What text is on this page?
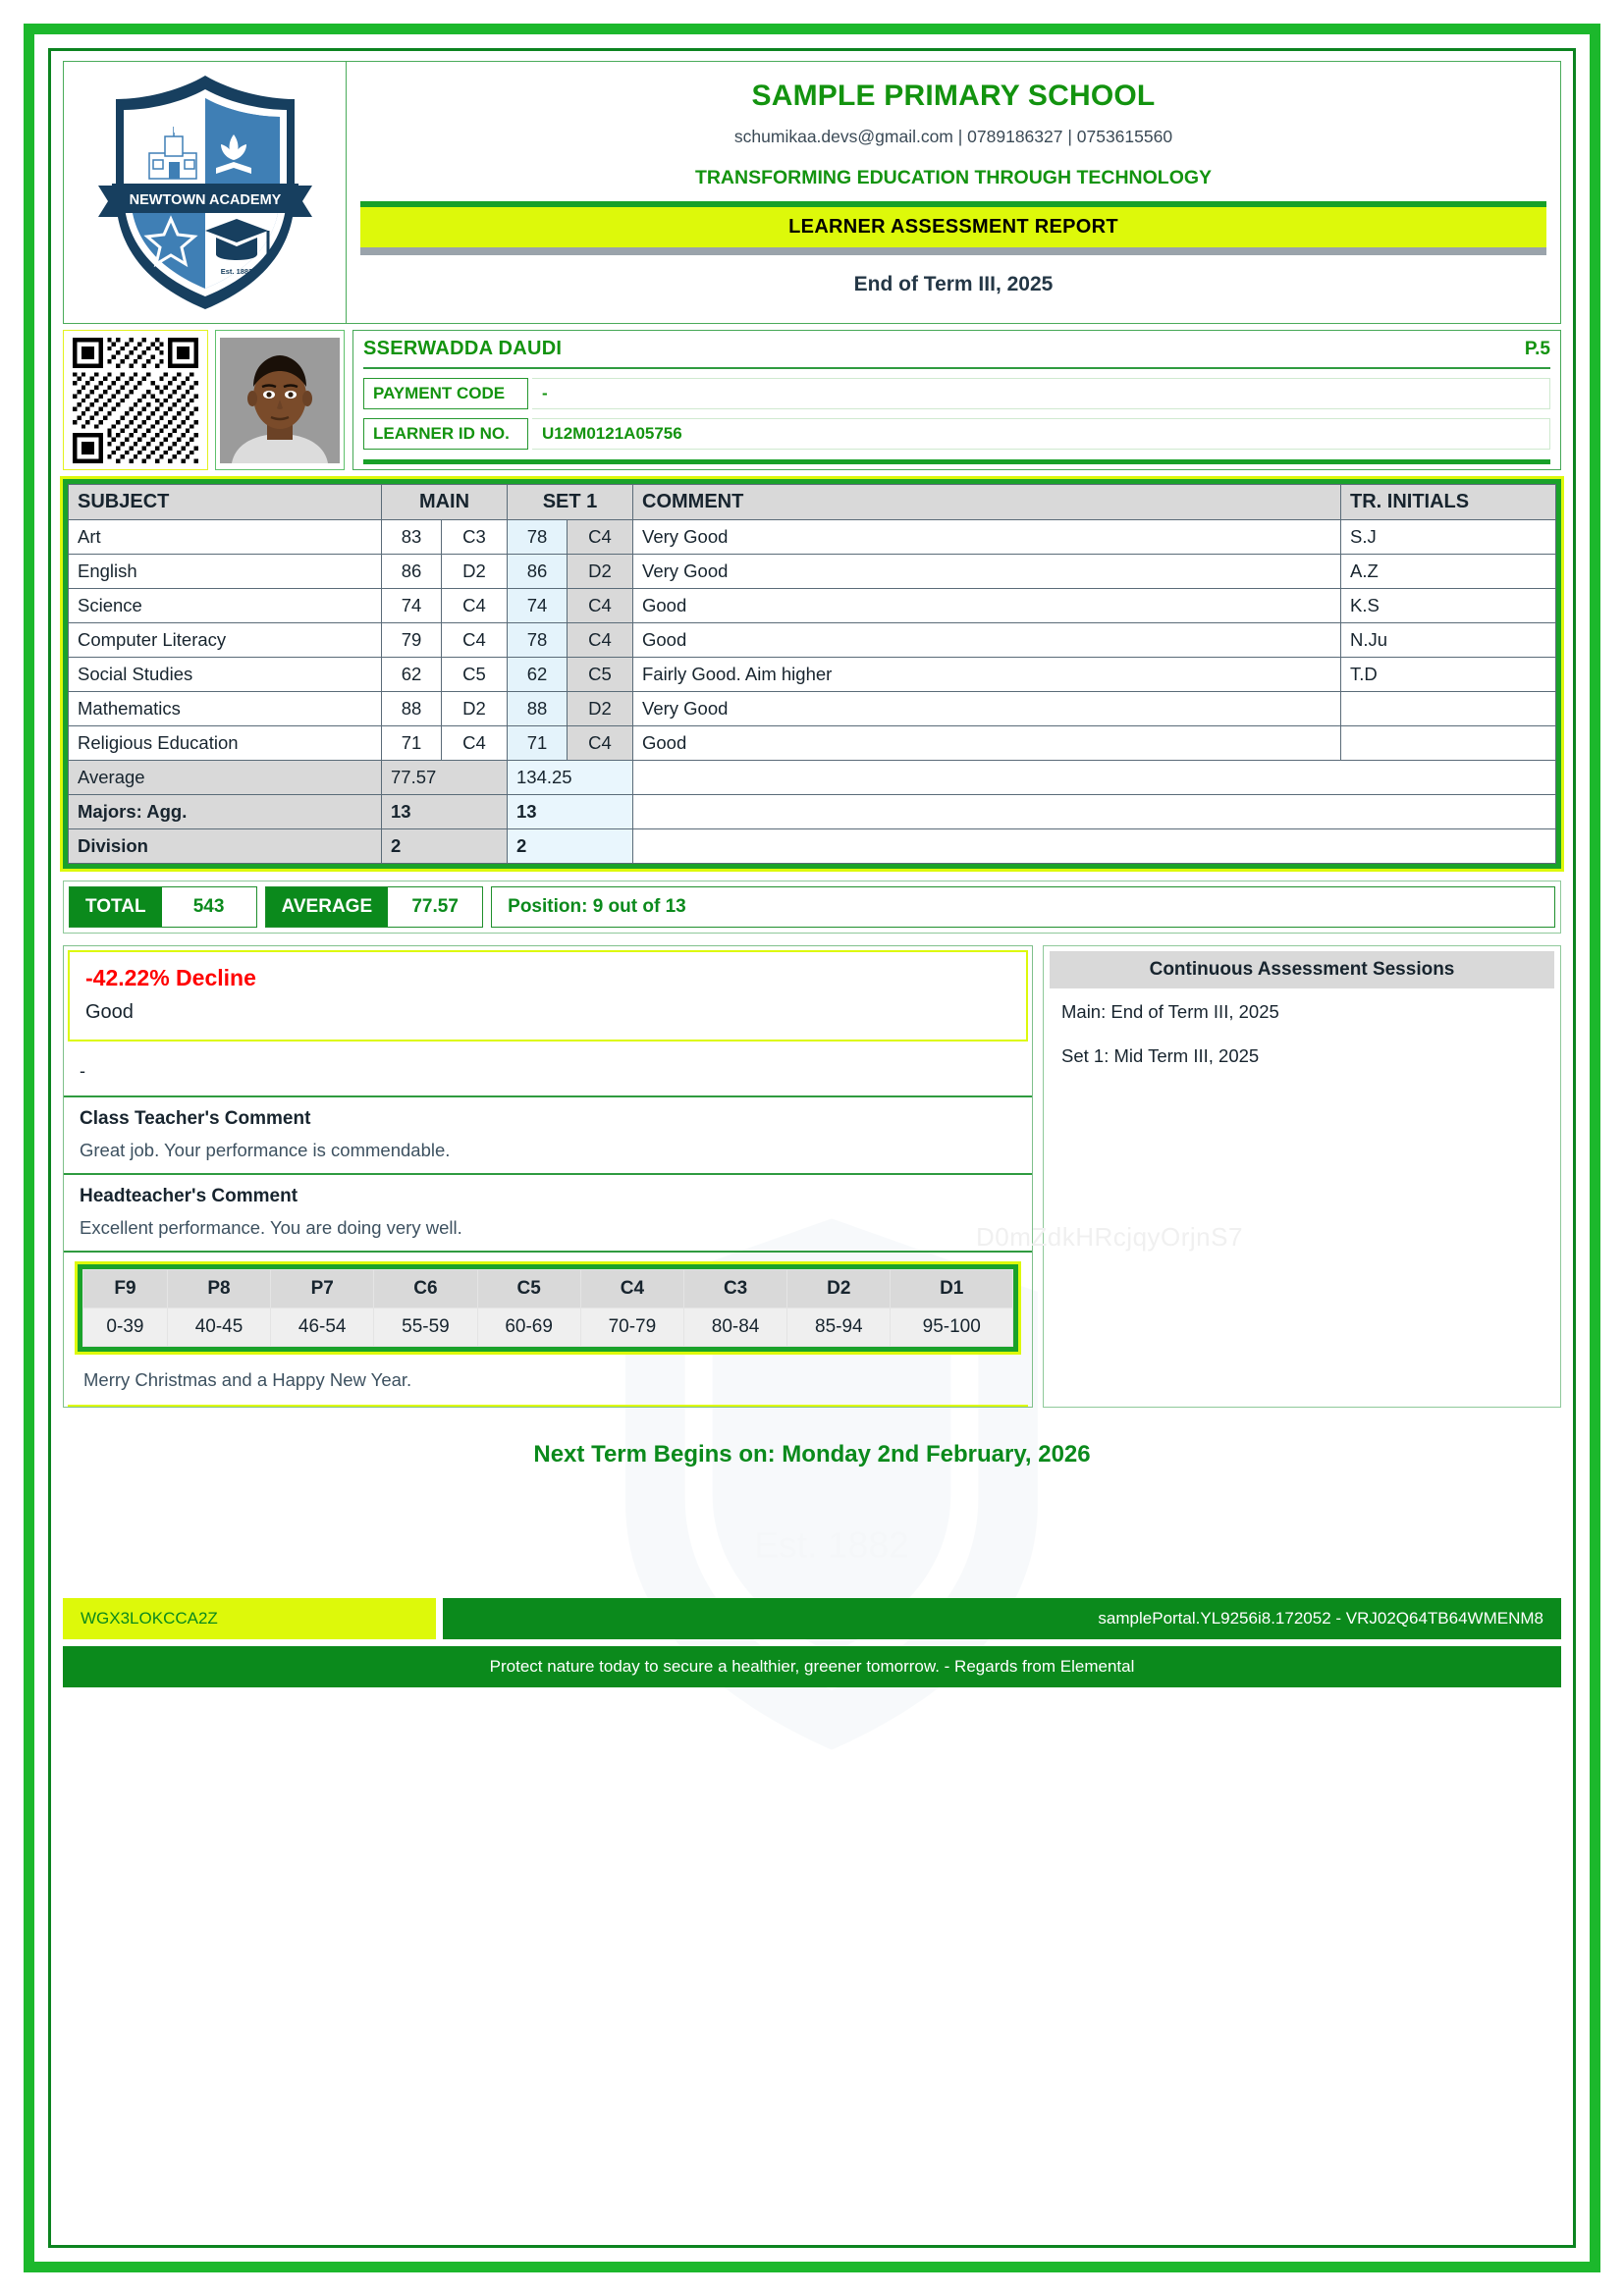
Est. 1882
NEWTOWN ACADEMY
Est. 1882
SAMPLE PRIMARY SCHOOL
schumikaa.devs@gmail.com | 0789186327 | 0753615560
TRANSFORMING EDUCATION THROUGH TECHNOLOGY
LEARNER ASSESSMENT REPORT
End of Term III, 2025
SSERWADDA DAUDI	P.5
PAYMENT CODE	-
LEARNER ID NO.	U12M0121A05756
SUBJECT	MAIN		SET 1		COMMENT	TR. INITIALS
Art	83	C3	78	C4	Very Good	S.J
English	86	D2	86	D2	Very Good	A.Z
Science	74	C4	74	C4	Good	K.S
Computer Literacy	79	C4	78	C4	Good	N.Ju
Social Studies	62	C5	62	C5	Fairly Good. Aim higher	T.D
Mathematics	88	D2	88	D2	Very Good	
Religious Education	71	C4	71	C4	Good	
Average	77.57		134.25			
Majors: Agg.	13		13			
Division	2		2			
D0mZdkHRcjqyOrjnS7
TOTAL	543	AVERAGE	77.57	Position: 9 out of 13
-42.22% Decline
Good
-
Class Teacher's Comment
Great job. Your performance is commendable.
Headteacher's Comment
Excellent performance. You are doing very well.
F9	P8	P7	C6	C5	C4	C3	D2	D1
0-39	40-45	46-54	55-59	60-69	70-79	80-84	85-94	95-100
Merry Christmas and a Happy New Year.
Continuous Assessment Sessions
Main: End of Term III, 2025
Set 1: Mid Term III, 2025
Next Term Begins on: Monday 2nd February, 2026
WGX3LOKCCA2Z	samplePortal.YL9256i8.172052 - VRJ02Q64TB64WMENM8
Protect nature today to secure a healthier, greener tomorrow. - Regards from Elemental
